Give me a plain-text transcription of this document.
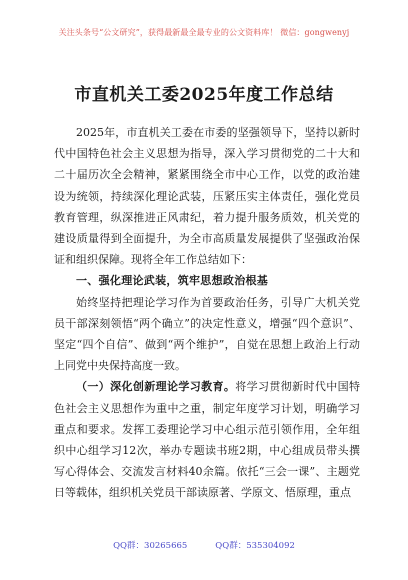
关注头条号“公文研究”，获得最新最全最专业的公文资料库！ 微信：gongwenyj
市直机关工委2025年度工作总结

2025年，市直机关工委在市委的坚强领导下，坚持以新时代中国特色社会主义思想为指导，深入学习贯彻党的二十大和二十届历次全会精神，紧紧围绕全市中心工作，以党的政治建设为统领，持续深化理论武装，压紧压实主体责任，强化党员教育管理，纵深推进正风肃纪，着力提升服务质效，机关党的建设质量得到全面提升，为全市高质量发展提供了坚强政治保证和组织保障。现将全年工作总结如下：

一、强化理论武装，筑牢思想政治根基

始终坚持把理论学习作为首要政治任务，引导广大机关党员干部深刻领悟“两个确立”的决定性意义，增强“四个意识”、坚定“四个自信”、做到“两个维护”，自觉在思想上政治上行动上同党中央保持高度一致。

（一）深化创新理论学习教育。将学习贯彻新时代中国特色社会主义思想作为重中之重，制定年度学习计划，明确学习重点和要求。发挥工委理论学习中心组示范引领作用，全年组织中心组学习12次，举办专题读书班2期，中心组成员带头撰写心得体会、交流发言材料40余篇。依托“三会一课”、主题党日等载体，组织机关党员干部读原著、学原文、悟原理，重点

QQ群：30265665	QQ群：535304092
